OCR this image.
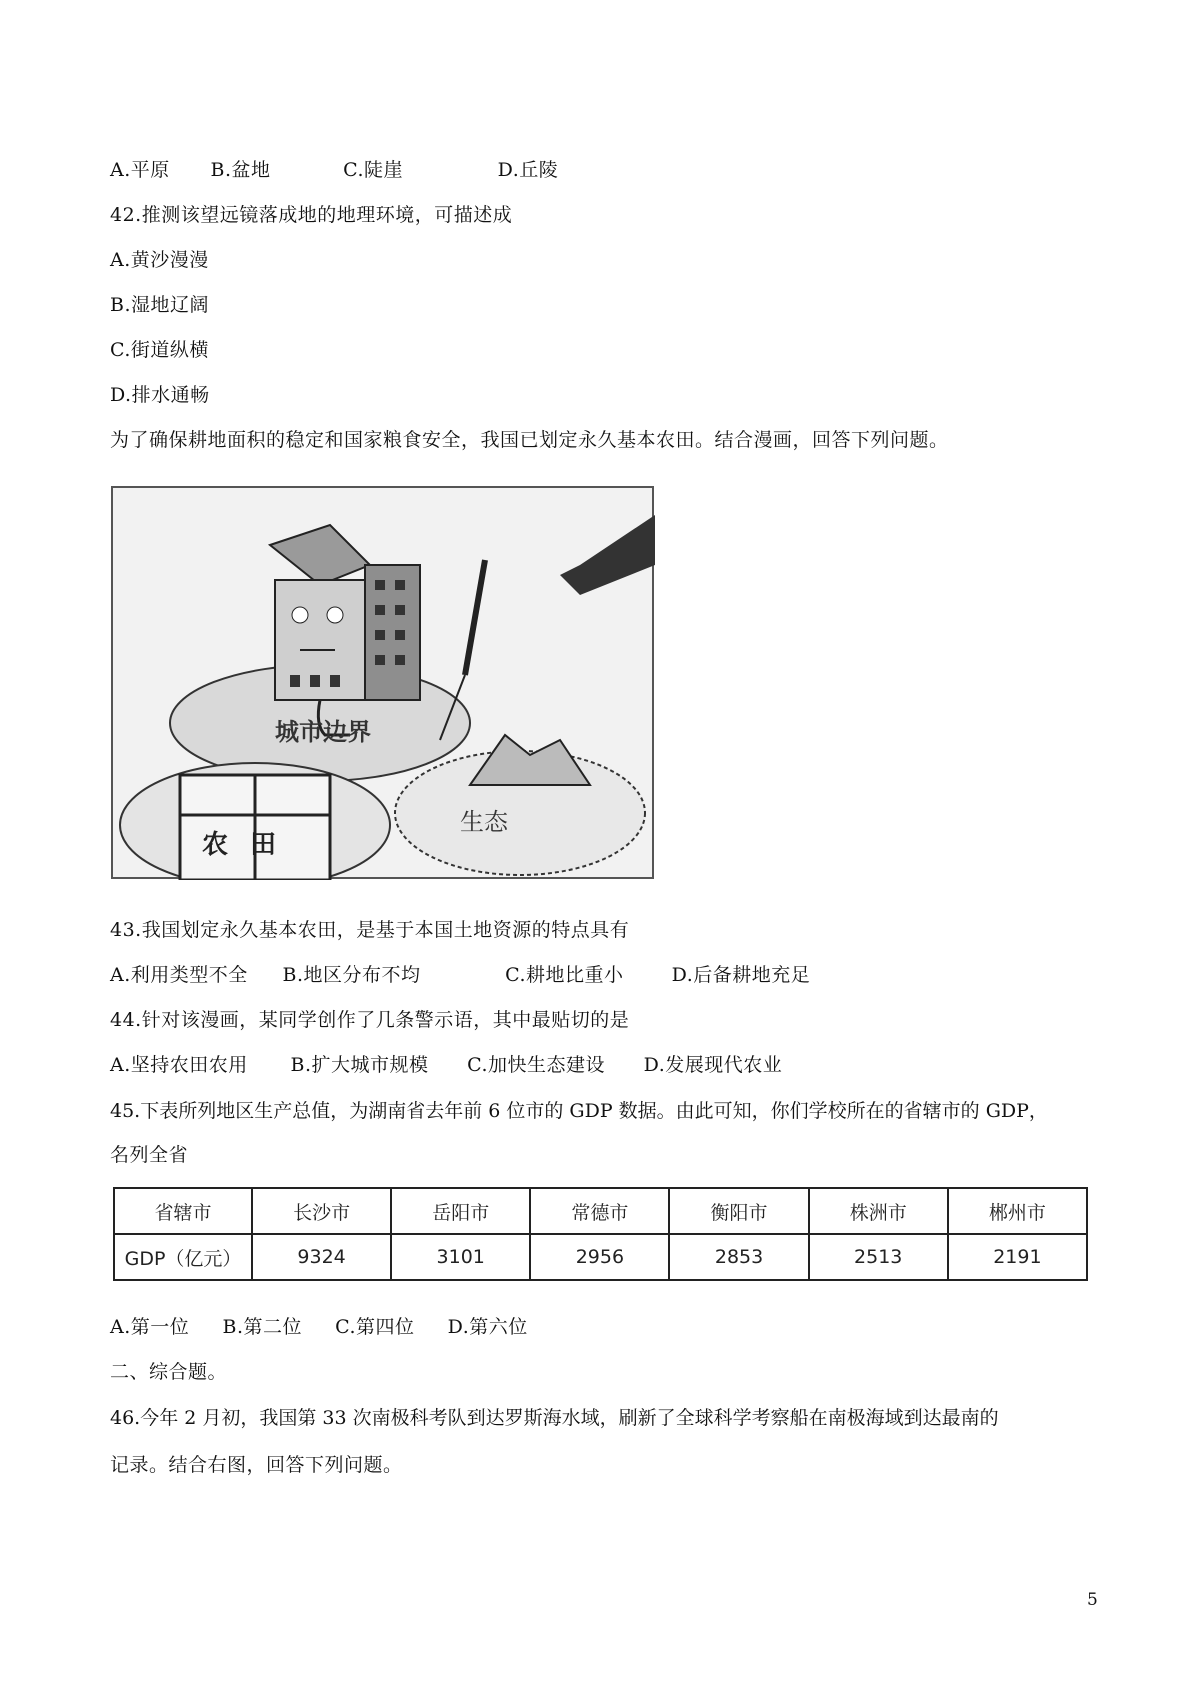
A.平原 B.盆地	C.陡崖	D.丘陵
42.推测该望远镜落成地的地理环境，可描述成
A.黄沙漫漫
B.湿地辽阔
C.街道纵横
D.排水通畅
为了确保耕地面积的稳定和国家粮食安全，我国已划定永久基本农田。结合漫画，回答下列问题。
城市边界
农田
生态
43.我国划定永久基本农田，是基于本国土地资源的特点具有
A.利用类型不全 B.地区分布不均	C.耕地比重小	D.后备耕地充足
44.针对该漫画，某同学创作了几条警示语，其中最贴切的是
A.坚持农田农用 B.扩大城市规模 C.加快生态建设 D.发展现代农业
45.下表所列地区生产总值，为湖南省去年前 6 位市的 GDP 数据。由此可知，你们学校所在的省辖市的 GDP，
名列全省
省辖市	长沙市	岳阳市	常德市	衡阳市	株洲市	郴州市
GDP（亿元）	9324	3101	2956	2853	2513	2191
A.第一位 B.第二位 C.第四位 D.第六位
二、综合题。
46.今年 2 月初，我国第 33 次南极科考队到达罗斯海水域，刷新了全球科学考察船在南极海域到达最南的
记录。结合右图，回答下列问题。
5
